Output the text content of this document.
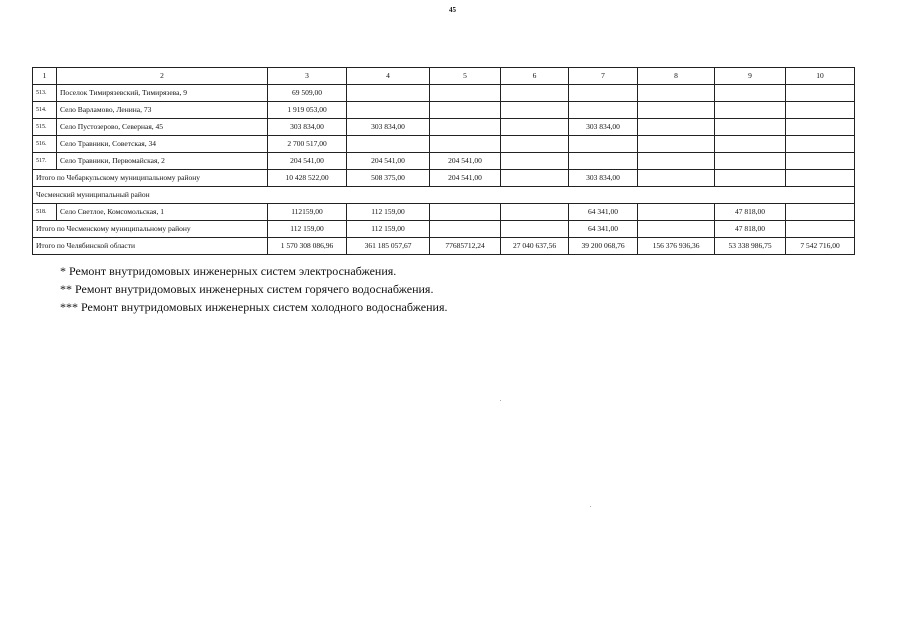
45
1	2	3	4	5	6	7	8	9	10
513.	Поселок Тимирязевский, Тимирязева, 9	69 509,00							
514.	Село Варламово, Ленина, 73	1 919 053,00							
515.	Село Пустозерово, Северная, 45	303 834,00	303 834,00			303 834,00			
516.	Село Травники, Советская, 34	2 700 517,00							
517.	Село Травники, Первомайская, 2	204 541,00	204 541,00	204 541,00					
Итого по Чебаркульскому муниципальному району		10 428 522,00	508 375,00	204 541,00		303 834,00			
Чесменский муниципальный район									
518.	Село Светлое, Комсомольская, 1	112159,00	112 159,00			64 341,00		47 818,00	
Итого по Чесменскому муниципальному району		112 159,00	112 159,00			64 341,00		47 818,00	
Итого по Челябинской области		1 570 308 086,96	361 185 057,67	77685712,24	27 040 637,56	39 200 068,76	156 376 936,36	53 338 986,75	7 542 716,00
* Ремонт внутридомовых инженерных систем электроснабжения.
** Ремонт внутридомовых инженерных систем горячего водоснабжения.
*** Ремонт внутридомовых инженерных систем холодного водоснабжения.
